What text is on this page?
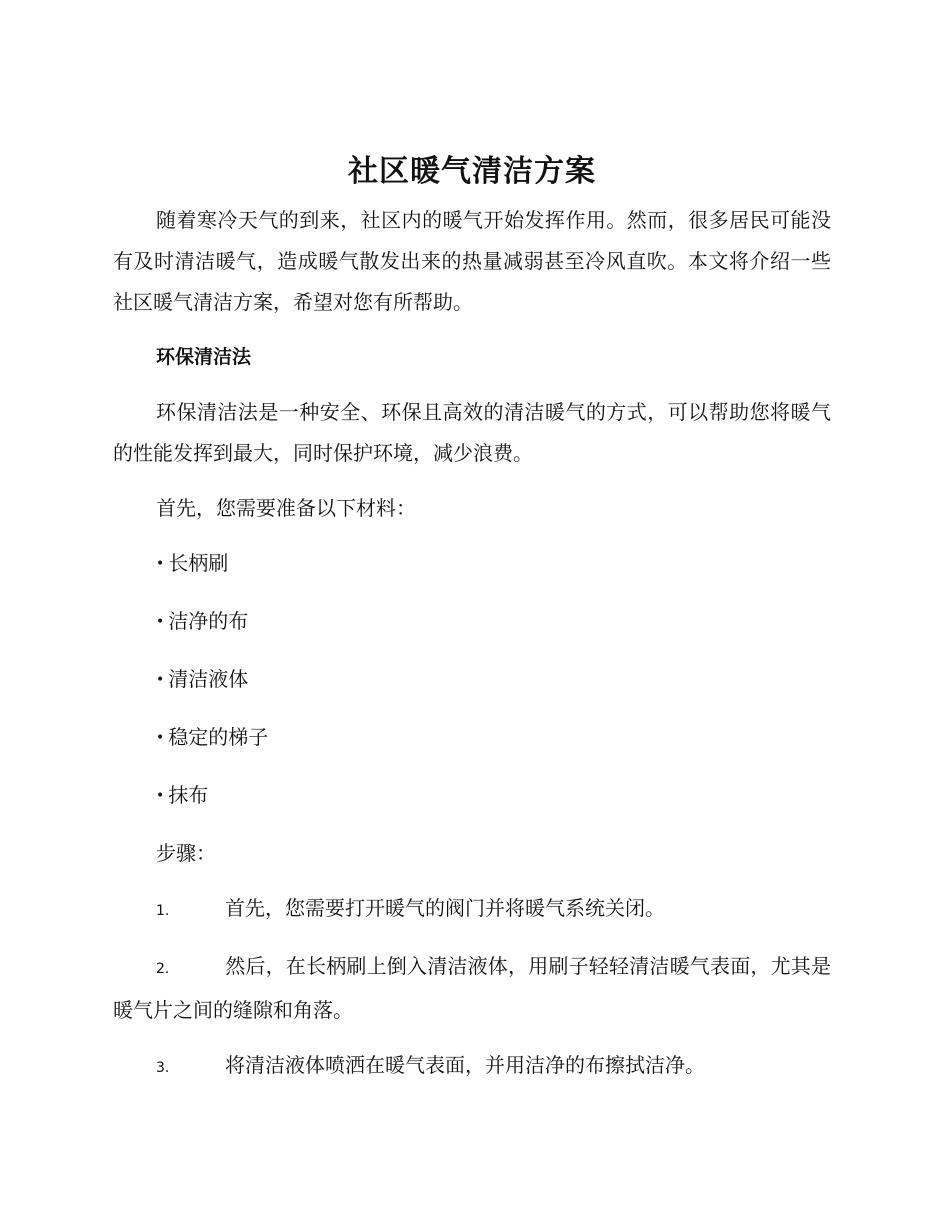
社区暖气清洁方案

随着寒冷天气的到来，社区内的暖气开始发挥作用。然而，很多居民可能没有及时清洁暖气，造成暖气散发出来的热量减弱甚至冷风直吹。本文将介绍一些社区暖气清洁方案，希望对您有所帮助。

环保清洁法

环保清洁法是一种安全、环保且高效的清洁暖气的方式，可以帮助您将暖气的性能发挥到最大，同时保护环境，减少浪费。

首先，您需要准备以下材料：

• 长柄刷
• 洁净的布
• 清洁液体
• 稳定的梯子
• 抹布

步骤：

1.	首先，您需要打开暖气的阀门并将暖气系统关闭。
2.	然后，在长柄刷上倒入清洁液体，用刷子轻轻清洁暖气表面，尤其是暖气片之间的缝隙和角落。
3.	将清洁液体喷洒在暖气表面，并用洁净的布擦拭洁净。
